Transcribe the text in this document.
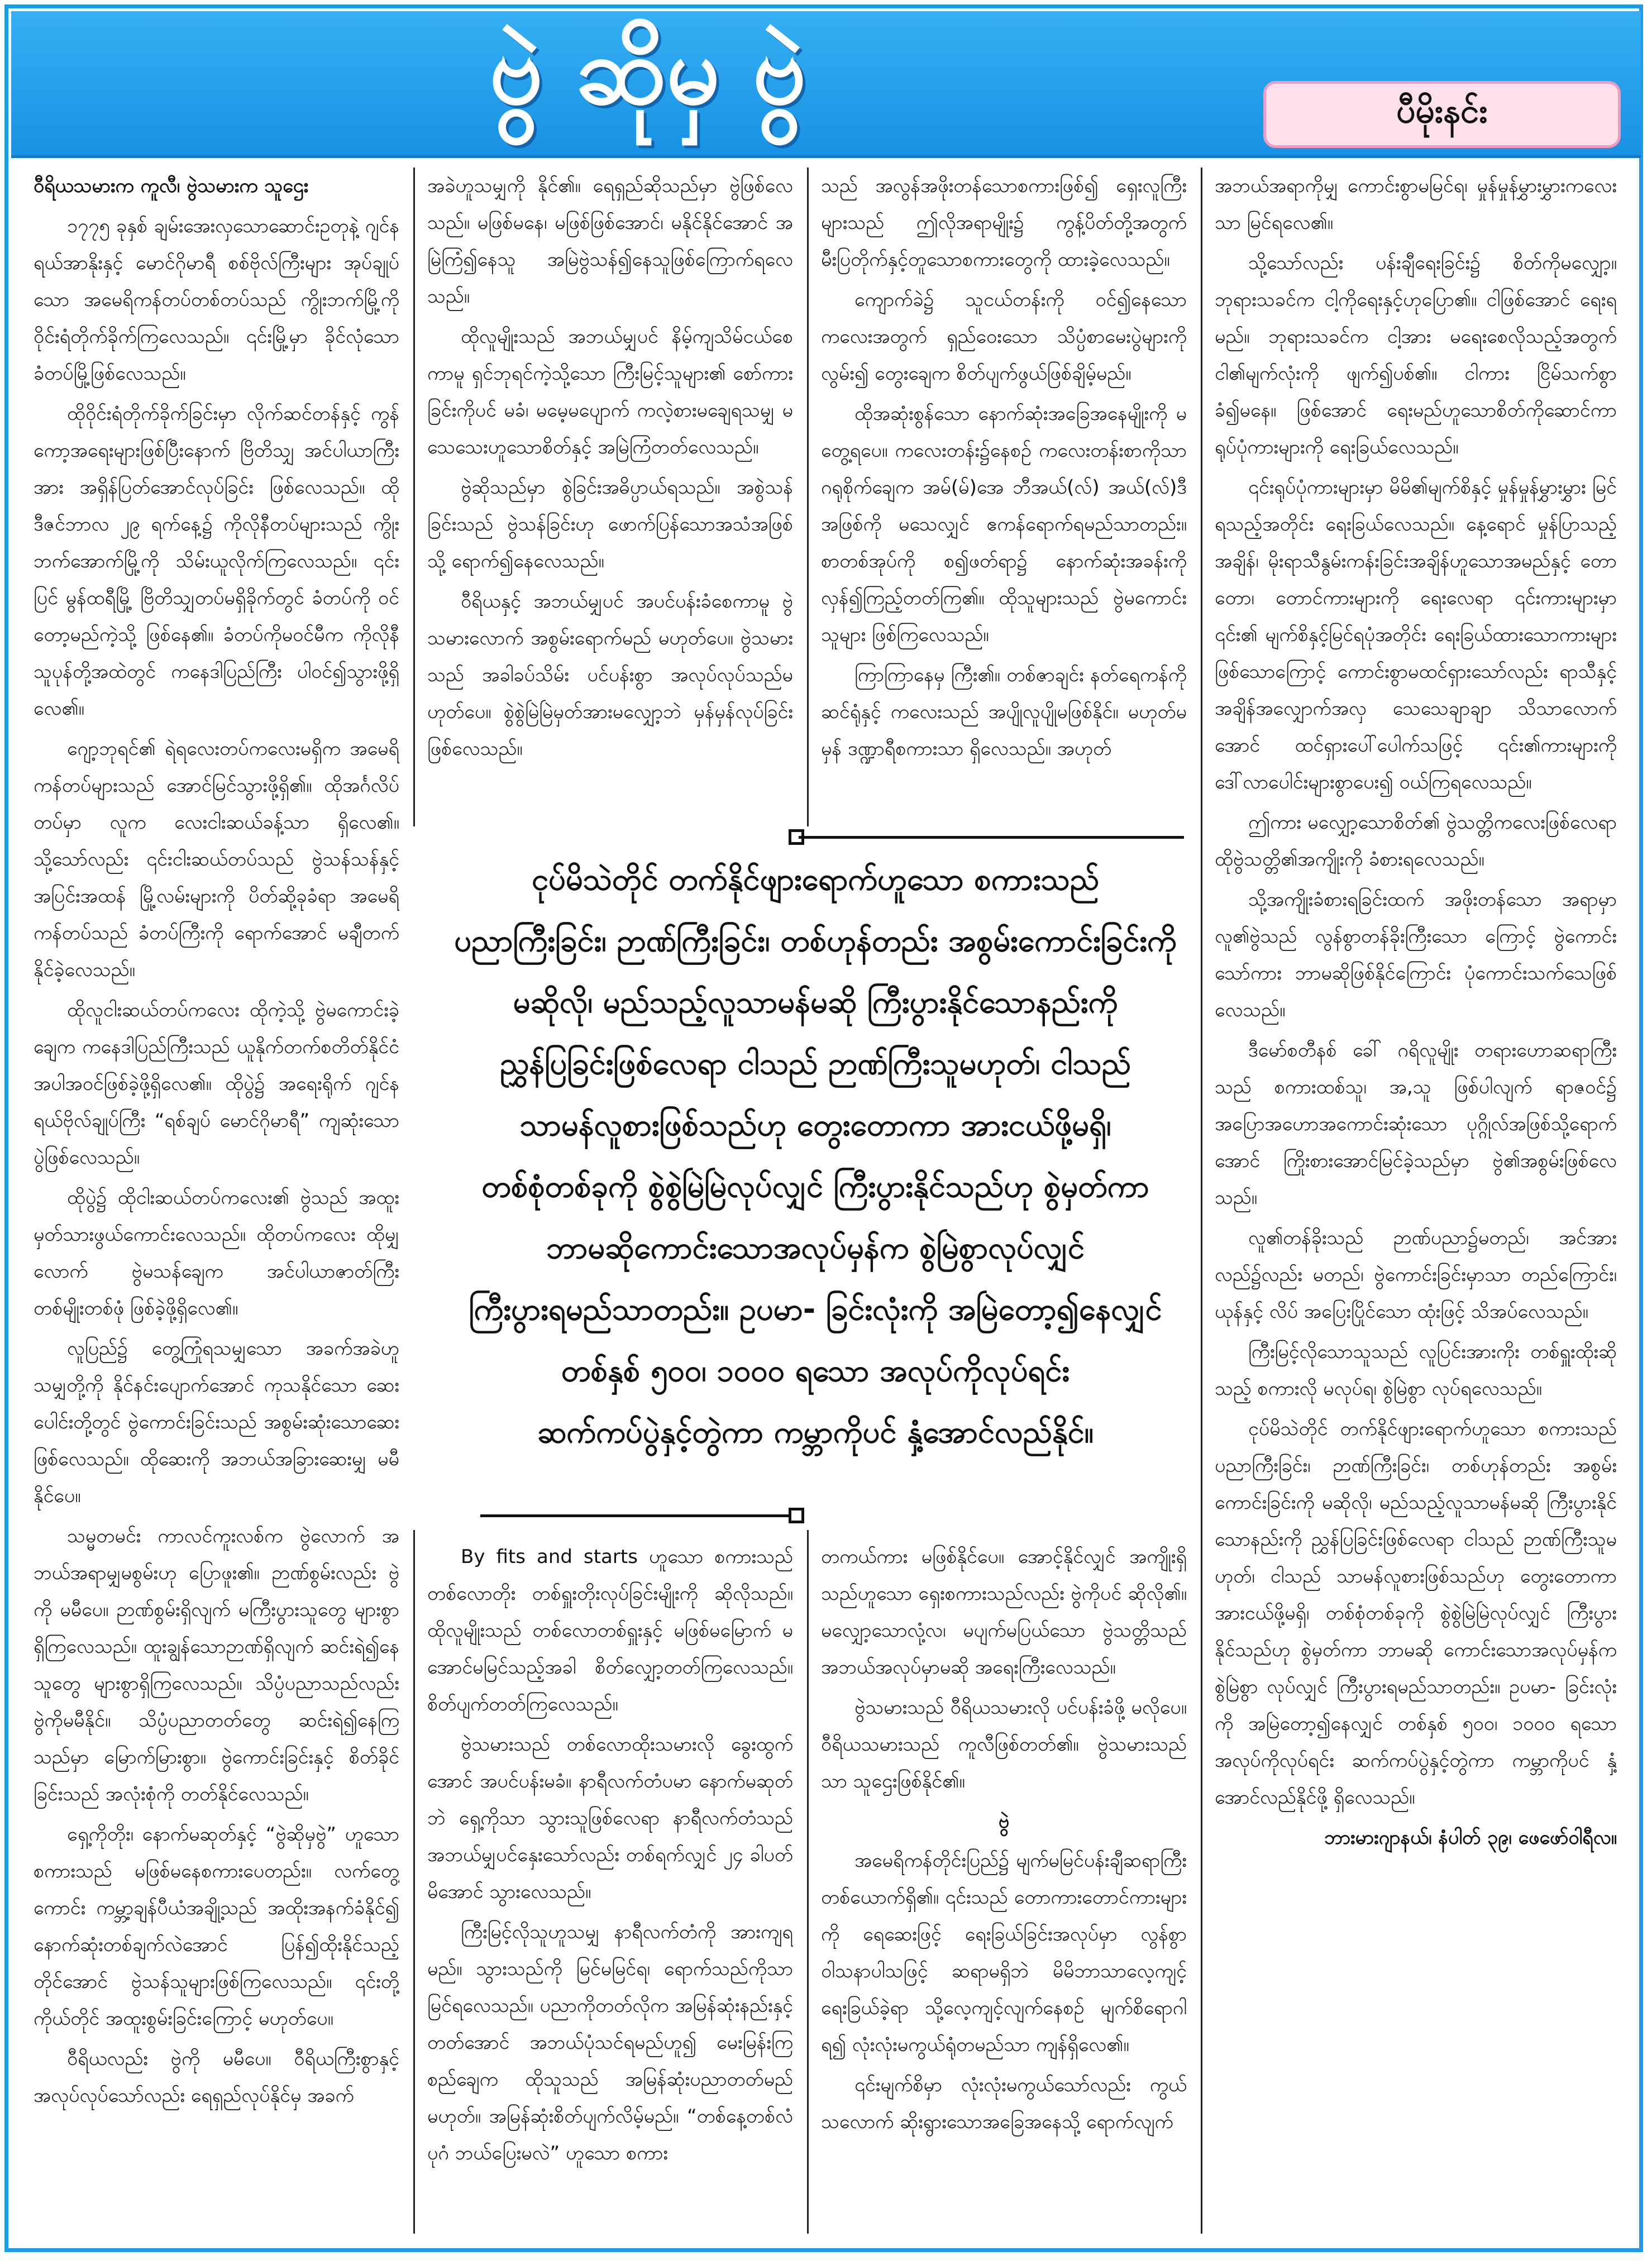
ဗွဲ ဆိုမှ ဗွဲ	ပီမိုးနင်း

ဝီရိယသမားက ကူလီ၊ ဗွဲသမားက သူဌေး

၁၇၇၅ ခုနှစ် ချမ်းအေးလှသောဆောင်းဥတုနဲ့ ဂျင်နရယ်အာနိုးနှင့် မောင်ဂိုမာရီ စစ်ဗိုလ်ကြီးများ အုပ်ချုပ်သော အမေရိကန်တပ်တစ်တပ်သည် ကွိုးဘက်မြို့ကို ဝိုင်းရံတိုက်ခိုက်ကြလေသည်။ ၎င်းမြို့မှာ ခိုင်လုံသော ခံတပ်မြို့ဖြစ်လေသည်။

ထိုဝိုင်းရံတိုက်ခိုက်ခြင်းမှာ လိုက်ဆင်တန်နှင့် ကွန်ကော့အရေးများဖြစ်ပြီးနောက် ဗြိတိသျှ အင်ပါယာကြီးအား အရှိန်ပြတ်အောင်လုပ်ခြင်း ဖြစ်လေသည်။ ထိုဒီဇင်ဘာလ ၂၉ ရက်နေ့၌ ကိုလိုနီတပ်များသည် ကွိုးဘက်အောက်မြို့ကို သိမ်းယူလိုက်ကြလေသည်။ ၎င်းပြင် မွန်ထရီမြို့ ဗြိတိသျှတပ်မရှိခိုက်တွင် ခံတပ်ကို ဝင်တော့မည်ကဲ့သို့ ဖြစ်နေ၏။ ခံတပ်ကိုမဝင်မီက ကိုလိုနီသူပုန်တို့အထဲတွင် ကနေဒါပြည်ကြီး ပါဝင်၍သွားဖို့ရှိလေ၏။

ဂျော့ဘုရင်၏ ရဲရလေးတပ်ကလေးမရှိက အမေရိကန်တပ်များသည် အောင်မြင်သွားဖို့ရှိ၏။ ထိုအင်္ဂလိပ်တပ်မှာ လူက လေးငါးဆယ်ခန့်သာ ရှိလေ၏။ သို့သော်လည်း ၎င်းငါးဆယ်တပ်သည် ဗွဲသန်သန်နှင့် အပြင်းအထန် မြို့လမ်းများကို ပိတ်ဆို့ခုခံရာ အမေရိကန်တပ်သည် ခံတပ်ကြီးကို ရောက်အောင် မချီတက်နိုင်ခဲ့လေသည်။

ထိုလူငါးဆယ်တပ်ကလေး ထိုကဲ့သို့ ဗွဲမကောင်းခဲ့ချေက ကနေဒါပြည်ကြီးသည် ယူနိုက်တက်စတိတ်နိုင်ငံ အပါအဝင်ဖြစ်ခဲ့ဖို့ရှိလေ၏။ ထိုပွဲ၌ အရေးရိုက် ဂျင်နရယ်ဗိုလ်ချုပ်ကြီး “ရစ်ချပ် မောင်ဂိုမာရီ” ကျဆုံးသောပွဲဖြစ်လေသည်။

ထိုပွဲ၌ ထိုငါးဆယ်တပ်ကလေး၏ ဗွဲသည် အထူးမှတ်သားဖွယ်ကောင်းလေသည်။ ထိုတပ်ကလေး ထိုမျှလောက် ဗွဲမသန်ချေက အင်ပါယာဇာတ်ကြီး တစ်မျိုးတစ်ဖုံ ဖြစ်ခဲ့ဖို့ရှိလေ၏။

လူပြည်၌ တွေ့ကြုံရသမျှသော အခက်အခဲဟူ သမျှတို့ကို နိုင်နင်းပျောက်အောင် ကုသနိုင်သော ဆေးပေါင်းတို့တွင် ဗွဲကောင်းခြင်းသည် အစွမ်းဆုံးသောဆေးဖြစ်လေသည်။ ထိုဆေးကို အဘယ်အခြားဆေးမျှ မမီနိုင်ပေ။

သမ္မတမင်း ကာလင်ကူးလစ်က ဗွဲလောက် အဘယ်အရာမျှမစွမ်းဟု ပြောဖူး၏။ ဉာဏ်စွမ်းလည်း ဗွဲကို မမီပေ။ ဉာဏ်စွမ်းရှိလျက် မကြီးပွားသူတွေ များစွာရှိကြလေသည်။ ထူးချွန်သောဉာဏ်ရှိလျက် ဆင်းရဲ၍နေသူတွေ များစွာရှိကြလေသည်။ သိပ္ပံပညာသည်လည်း ဗွဲကိုမမီနိုင်။ သိပ္ပံပညာတတ်တွေ ဆင်းရဲ၍နေကြသည်မှာ မြောက်မြားစွာ။ ဗွဲကောင်းခြင်းနှင့် စိတ်ခိုင်ခြင်းသည် အလုံးစုံကို တတ်နိုင်လေသည်။

ရှေ့ကိုတိုး၊ နောက်မဆုတ်နှင့် “ဗွဲဆိုမှဗွဲ” ဟူသောစကားသည် မဖြစ်မနေစကားပေတည်း။ လက်တွေ့ကောင်း ကမ္ဘာ့ချန်ပီယံအချို့သည် အထိုးအနက်ခံနိုင်၍ နောက်ဆုံးတစ်ချက်လဲအောင် ပြန်၍ထိုးနိုင်သည့်တိုင်အောင် ဗွဲသန်သူများဖြစ်ကြလေသည်။ ၎င်းတို့ကိုယ်တိုင် အထူးစွမ်းခြင်းကြောင့် မဟုတ်ပေ။

ဝီရိယလည်း ဗွဲကို မမီပေ။ ဝီရိယကြီးစွာနှင့် အလုပ်လုပ်သော်လည်း ရေရှည်လုပ်နိုင်မှ အခက်

အခဲဟူသမျှကို နိုင်၏။ ရေရှည်ဆိုသည်မှာ ဗွဲဖြစ်လေသည်။ မဖြစ်မနေ၊ မဖြစ်ဖြစ်အောင်၊ မနိုင်နိုင်အောင် အမြဲကြံ၍နေသူ အမြဲဗွဲသန်၍နေသူဖြစ်ကြောက်ရလေသည်။

ထိုလူမျိုးသည် အဘယ်မျှပင် နိမ့်ကျသိမ်ငယ်စေကာမူ ရှင်ဘုရင်ကဲ့သို့သော ကြီးမြင့်သူများ၏ စော်ကားခြင်းကိုပင် မခံ၊ မမေ့မပျောက် ကလဲ့စားမချေရသမျှ မသေသေးဟူသောစိတ်နှင့် အမြဲကြံတတ်လေသည်။

ဗွဲဆိုသည်မှာ စွဲခြင်းအဓိပ္ပာယ်ရသည်။ အစွဲသန်ခြင်းသည် ဗွဲသန်ခြင်းဟု ဖောက်ပြန်သောအသံအဖြစ်သို့ ရောက်၍နေလေသည်။

ဝီရိယနှင့် အဘယ်မျှပင် အပင်ပန်းခံစေကာမူ ဗွဲသမားလောက် အစွမ်းရောက်မည် မဟုတ်ပေ။ ဗွဲသမားသည် အခါခပ်သိမ်း ပင်ပန်းစွာ အလုပ်လုပ်သည်မဟုတ်ပေ။ စွဲစွဲမြဲမြဲမှတ်အားမလျှော့ဘဲ မှန်မှန်လုပ်ခြင်း ဖြစ်လေသည်။

သည် အလွန်အဖိုးတန်သောစကားဖြစ်၍ ရှေးလူကြီးများသည် ဤလိုအရာမျိုး၌ ကွန့်ပိတ်တို့အတွက် မီးပြတိုက်နှင့်တူသောစကားတွေကို ထားခဲ့လေသည်။

ကျောက်ခဲ၌ သူငယ်တန်းကို ဝင်၍နေသော ကလေးအတွက် ရှည်ဝေးသော သိပ္ပံစာမေးပွဲများကို လွမ်း၍ တွေးချေက စိတ်ပျက်ဖွယ်ဖြစ်ချိမ့်မည်။

ထိုအဆုံးစွန်သော နောက်ဆုံးအခြေအနေမျိုးကို မတွေ့ရပေ။ ကလေးတန်း၌နေစဉ် ကလေးတန်းစာကိုသာ ဂရုစိုက်ချေက အမ်(မ်)အေ ဘီအယ်(လ်) အယ်(လ်)ဒီအဖြစ်ကို မသေလျှင် ဧကန်ရောက်ရမည်သာတည်း။ စာတစ်အုပ်ကို စ၍ဖတ်ရာ၌ နောက်ဆုံးအခန်းကို လှန်၍ကြည့်တတ်ကြ၏။ ထိုသူများသည် ဗွဲမကောင်းသူများ ဖြစ်ကြလေသည်။

ကြာကြာနေမှ ကြီး၏။ တစ်ဇာချင်း နတ်ရေကန်ကို ဆင်ရုံနှင့် ကလေးသည် အပျိုလူပျိုမဖြစ်နိုင်။ မဟုတ်မမှန် ဒဏ္ဍာရီစကားသာ ရှိလေသည်။ အဟုတ်

အဘယ်အရာကိုမျှ ကောင်းစွာမမြင်ရ၊ မှုန်မှုန်မွှားမွှားကလေးသာ မြင်ရလေ၏။

သို့သော်လည်း ပန်းချီရေးခြင်း၌ စိတ်ကိုမလျှော့။ ဘုရားသခင်က ငါ့ကိုရေးနှင့်ဟုပြော၏။ ငါဖြစ်အောင် ရေးရမည်။ ဘုရားသခင်က ငါ့အား မရေးစေလိုသည့်အတွက် ငါ၏မျက်လုံးကို ဖျက်၍ပစ်၏။ ငါကား ငြိမ်သက်စွာ ခံ၍မနေ။ ဖြစ်အောင် ရေးမည်ဟူသောစိတ်ကိုဆောင်ကာ ရုပ်ပုံကားများကို ရေးခြယ်လေသည်။

၎င်းရုပ်ပုံကားများမှာ မိမိ၏မျက်စိနှင့် မှုန်မှုန်မွှားမွှား မြင်ရသည့်အတိုင်း ရေးခြယ်လေသည်။ နေ့ရောင် မှုန်ပြာသည့်အချိန်၊ မိုးရာသီနွမ်းကန်းခြင်းအချိန်ဟူသောအမည်နှင့် တောတော၊ တောင်ကားများကို ရေးလေရာ ၎င်းကားများမှာ ၎င်း၏ မျက်စိနှင့်မြင်ရပုံအတိုင်း ရေးခြယ်ထားသောကားများဖြစ်သောကြောင့် ကောင်းစွာမထင်ရှားသော်လည်း ရာသီနှင့် အချိန်အလျှောက်အလှ သေသေချာချာ သိသာလောက်အောင် ထင်ရှားပေါ်ပေါက်သဖြင့် ၎င်း၏ကားများကို ဒေါ်လာပေါင်းများစွာပေး၍ ဝယ်ကြရလေသည်။

ဤကား မလျှော့သောစိတ်၏ ဗွဲသတ္တိကလေးဖြစ်လေရာ ထိုဗွဲသတ္တိ၏အကျိုးကို ခံစားရလေသည်။

သို့အကျိုးခံစားရခြင်းထက် အဖိုးတန်သော အရာမှာ လူ၏ဗွဲသည် လွန်စွာတန်ခိုးကြီးသော ကြောင့် ဗွဲကောင်းသော်ကား ဘာမဆိုဖြစ်နိုင်ကြောင်း ပုံကောင်းသက်သေဖြစ်လေသည်။

ဒီမော်စတီနစ် ခေါ် ဂရိလူမျိုး တရားဟောဆရာကြီးသည် စကားထစ်သူ၊ အ,သူ ဖြစ်ပါလျက် ရာဇဝင်၌ အပြောအဟောအကောင်းဆုံးသော ပုဂ္ဂိုလ်အဖြစ်သို့ရောက်အောင် ကြိုးစားအောင်မြင်ခဲ့သည်မှာ ဗွဲ၏အစွမ်းဖြစ်လေသည်။

လူ၏တန်ခိုးသည် ဉာဏ်ပညာ၌မတည်၊ အင်အားလည်၌လည်း မတည်၊ ဗွဲကောင်းခြင်းမှာသာ တည်ကြောင်း၊ ယုန်နှင့် လိပ် အပြေးပြိုင်သော ထုံးဖြင့် သိအပ်လေသည်။

ကြီးမြင့်လိုသောသူသည် လူပြင်းအားကိုး တစ်ရှူးထိုးဆိုသည့် စကားလို မလုပ်ရ၊ စွဲမြဲစွာ လုပ်ရလေသည်။

ငုပ်မိသဲတိုင် တက်နိုင်ဖျားရောက်ဟူသော စကားသည် ပညာကြီးခြင်း၊ ဉာဏ်ကြီးခြင်း၊ တစ်ဟုန်တည်း အစွမ်းကောင်းခြင်းကို မဆိုလို၊ မည်သည့်လူသာမန်မဆို ကြီးပွားနိုင်သောနည်းကို ညွှန်ပြခြင်းဖြစ်လေရာ ငါသည် ဉာဏ်ကြီးသူမဟုတ်၊ ငါသည် သာမန်လူစားဖြစ်သည်ဟု တွေးတောကာ အားငယ်ဖို့မရှိ၊ တစ်စုံတစ်ခုကို စွဲစွဲမြဲမြဲလုပ်လျှင် ကြီးပွားနိုင်သည်ဟု စွဲမှတ်ကာ ဘာမဆို ကောင်းသောအလုပ်မှန်က စွဲမြဲစွာ လုပ်လျှင် ကြီးပွားရမည်သာတည်း။ ဥပမာ- ခြင်းလုံးကို အမြဲတော့၍နေလျှင် တစ်နှစ် ၅၀၀၊ ၁၀၀၀ ရသော အလုပ်ကိုလုပ်ရင်း ဆက်ကပ်ပွဲနှင့်တွဲကာ ကမ္ဘာကိုပင် နှံ့အောင်လည်နိုင်ဖို့ ရှိလေသည်။

ဘားမားဂျာနယ်၊ နံပါတ် ၃၉၊ ဖေဖော်ဝါရီလ။

ငုပ်မိသဲတိုင် တက်နိုင်ဖျားရောက်ဟူသော စကားသည်
ပညာကြီးခြင်း၊ ဉာဏ်ကြီးခြင်း၊ တစ်ဟုန်တည်း အစွမ်းကောင်းခြင်းကို
မဆိုလို၊ မည်သည့်လူသာမန်မဆို ကြီးပွားနိုင်သောနည်းကို
ညွှန်ပြခြင်းဖြစ်လေရာ ငါသည် ဉာဏ်ကြီးသူမဟုတ်၊ ငါသည်
သာမန်လူစားဖြစ်သည်ဟု တွေးတောကာ အားငယ်ဖို့မရှိ၊
တစ်စုံတစ်ခုကို စွဲစွဲမြဲမြဲလုပ်လျှင် ကြီးပွားနိုင်သည်ဟု စွဲမှတ်ကာ
ဘာမဆိုကောင်းသောအလုပ်မှန်က စွဲမြဲစွာလုပ်လျှင်
ကြီးပွားရမည်သာတည်း။ ဥပမာ- ခြင်းလုံးကို အမြဲတော့၍နေလျှင်
တစ်နှစ် ၅၀၀၊ ၁၀၀၀ ရသော အလုပ်ကိုလုပ်ရင်း
ဆက်ကပ်ပွဲနှင့်တွဲကာ ကမ္ဘာကိုပင် နှံ့အောင်လည်နိုင်။

By fits and starts ဟူသော စကားသည် တစ်လောတိုး တစ်ရှူးတိုးလုပ်ခြင်းမျိုးကို ဆိုလိုသည်။ ထိုလူမျိုးသည် တစ်လောတစ်ရှူးနှင့် မဖြစ်မမြောက် မအောင်မမြင်သည့်အခါ စိတ်လျှော့တတ်ကြလေသည်။ စိတ်ပျက်တတ်ကြလေသည်။

ဗွဲသမားသည် တစ်လောထိုးသမားလို ခွေးထွက်အောင် အပင်ပန်းမခံ။ နာရီလက်တံပမာ နောက်မဆုတ်ဘဲ ရှေ့ကိုသာ သွားသူဖြစ်လေရာ နာရီလက်တံသည် အဘယ်မျှပင်နှေးသော်လည်း တစ်ရက်လျှင် ၂၄ ခါပတ်မိအောင် သွားလေသည်။

ကြီးမြင့်လိုသူဟူသမျှ နာရီလက်တံကို အားကျရမည်။ သွားသည်ကို မြင်မမြင်ရ၊ ရောက်သည်ကိုသာ မြင်ရလေသည်။ ပညာကိုတတ်လိုက အမြန်ဆုံးနည်းနှင့် တတ်အောင် အဘယ်ပုံသင်ရမည်ဟူ၍ မေးမြန်းကြစည်ချေက ထိုသူသည် အမြန်ဆုံးပညာတတ်မည်မဟုတ်။ အမြန်ဆုံးစိတ်ပျက်လိမ့်မည်။ “တစ်နေ့တစ်လံ ပုဂံ ဘယ်ပြေးမလဲ” ဟူသော စကား

တကယ်ကား မဖြစ်နိုင်ပေ။ အောင့်နိုင်လျှင် အကျိုးရှိသည်ဟူသော ရှေးစကားသည်လည်း ဗွဲကိုပင် ဆိုလို၏။ မလျှော့သောလုံ့လ၊ မပျက်မပြယ်သော ဗွဲသတ္တိသည် အဘယ်အလုပ်မှာမဆို အရေးကြီးလေသည်။

ဗွဲသမားသည် ဝီရိယသမားလို ပင်ပန်းခံဖို့ မလိုပေ။ ဝီရိယသမားသည် ကူလီဖြစ်တတ်၏။ ဗွဲသမားသည်သာ သူဌေးဖြစ်နိုင်၏။

ဗွဲ

အမေရိကန်တိုင်းပြည်၌ မျက်မမြင်ပန်းချီဆရာကြီးတစ်ယောက်ရှိ၏။ ၎င်းသည် တောကားတောင်ကားများကို ရေဆေးဖြင့် ရေးခြယ်ခြင်းအလုပ်မှာ လွန်စွာဝါသနာပါသဖြင့် ဆရာမရှိဘဲ မိမိဘာသာလေ့ကျင့်ရေးခြယ်ခဲ့ရာ သို့လေ့ကျင့်လျက်နေစဉ် မျက်စိရောဂါရ၍ လုံးလုံးမကွယ်ရုံတမည်သာ ကျန်ရှိလေ၏။

၎င်းမျက်စိမှာ လုံးလုံးမကွယ်သော်လည်း ကွယ်သလောက် ဆိုးရွားသောအခြေအနေသို့ ရောက်လျက်
